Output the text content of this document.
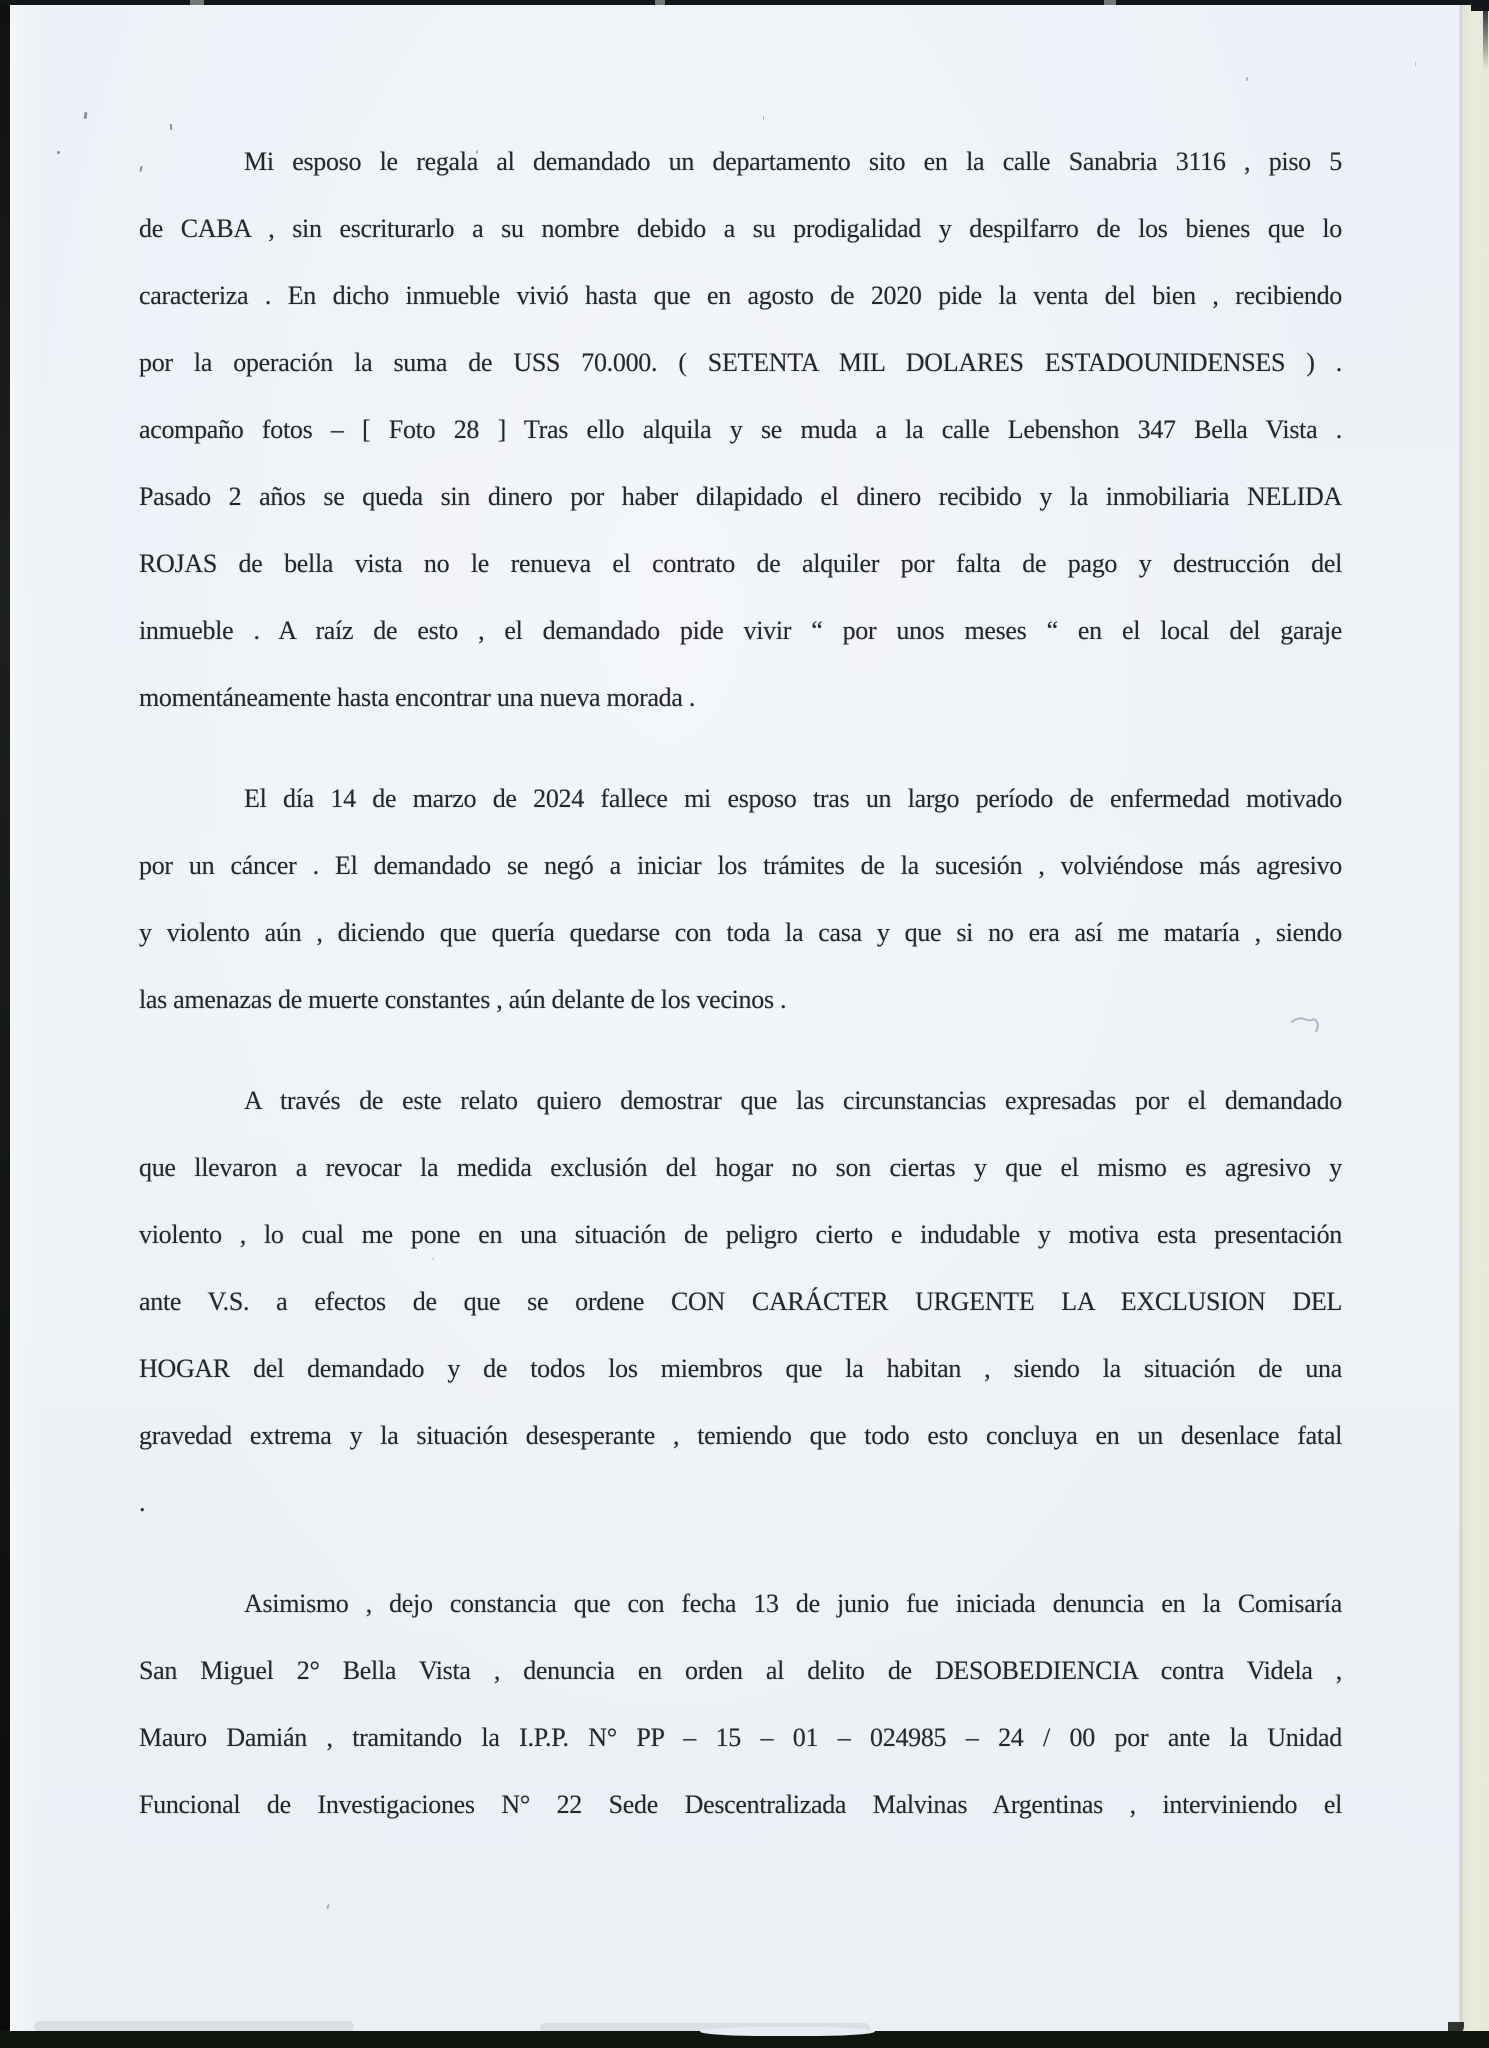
Mi esposo le regala al demandado un departamento sito en la calle Sanabria 3116 , piso 5
de CABA , sin escriturarlo a su nombre debido a su prodigalidad y despilfarro de los bienes que lo
caracteriza . En dicho inmueble vivió hasta que en agosto de 2020 pide la venta del bien , recibiendo
por la operación la suma de USS 70.000. ( SETENTA MIL DOLARES ESTADOUNIDENSES ) .
acompaño fotos – [ Foto 28 ] Tras ello alquila y se muda a la calle Lebenshon 347 Bella Vista .
Pasado 2 años se queda sin dinero por haber dilapidado el dinero recibido y la inmobiliaria NELIDA
ROJAS de bella vista no le renueva el contrato de alquiler por falta de pago y destrucción del
inmueble . A raíz de esto , el demandado pide vivir “ por unos meses “ en el local del garaje
momentáneamente hasta encontrar una nueva morada .
El día 14 de marzo de 2024 fallece mi esposo tras un largo período de enfermedad motivado
por un cáncer . El demandado se negó a iniciar los trámites de la sucesión , volviéndose más agresivo
y violento aún , diciendo que quería quedarse con toda la casa y que si no era así me mataría , siendo
las amenazas de muerte constantes , aún delante de los vecinos .
A través de este relato quiero demostrar que las circunstancias expresadas por el demandado
que llevaron a revocar la medida exclusión del hogar no son ciertas y que el mismo es agresivo y
violento , lo cual me pone en una situación de peligro cierto e indudable y motiva esta presentación
ante V.S. a efectos de que se ordene CON CARÁCTER URGENTE LA EXCLUSION DEL
HOGAR del demandado y de todos los miembros que la habitan , siendo la situación de una
gravedad extrema y la situación desesperante , temiendo que todo esto concluya en un desenlace fatal
.
Asimismo , dejo constancia que con fecha 13 de junio fue iniciada denuncia en la Comisaría
San Miguel 2° Bella Vista , denuncia en orden al delito de DESOBEDIENCIA contra Videla ,
Mauro Damián , tramitando la I.P.P. N° PP – 15 – 01 – 024985 – 24 / 00 por ante la Unidad
Funcional de Investigaciones N° 22 Sede Descentralizada Malvinas Argentinas , interviniendo el
